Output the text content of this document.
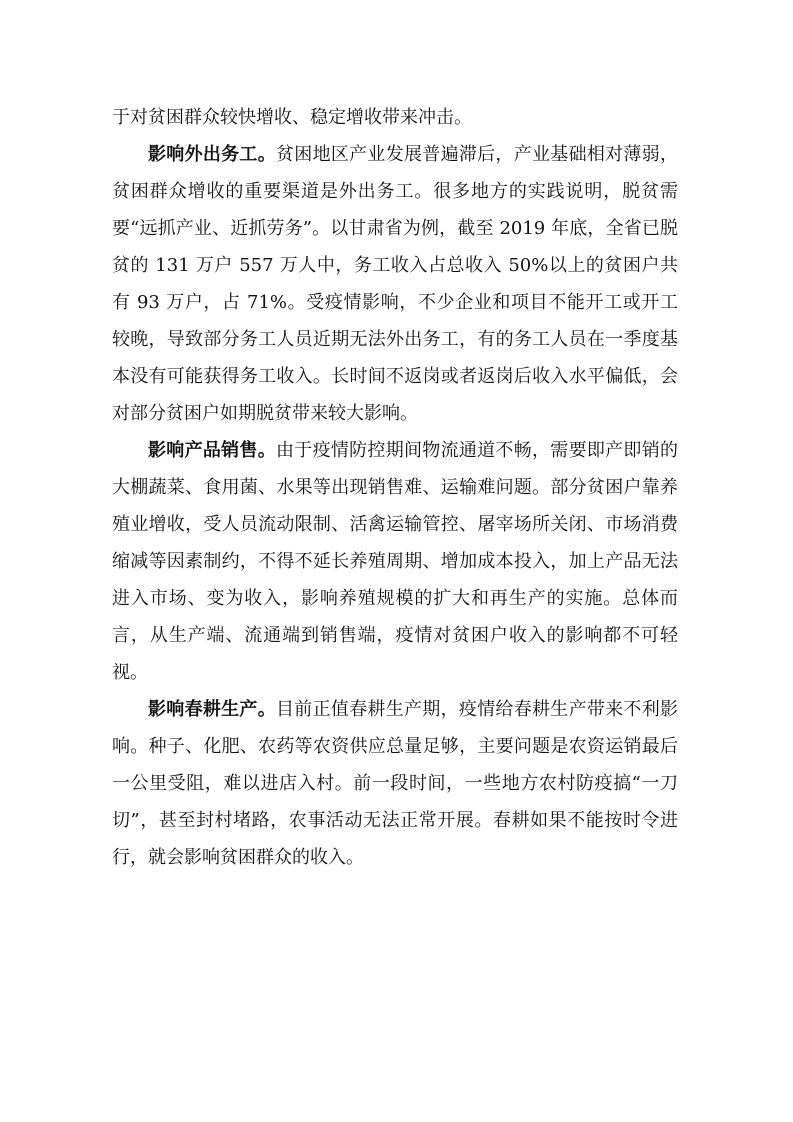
于对贫困群众较快增收、稳定增收带来冲击。

影响外出务工。贫困地区产业发展普遍滞后，产业基础相对薄弱，贫困群众增收的重要渠道是外出务工。很多地方的实践说明，脱贫需要“远抓产业、近抓劳务”。以甘肃省为例，截至 2019 年底，全省已脱贫的 131 万户 557 万人中，务工收入占总收入 50%以上的贫困户共有 93 万户，占 71%。受疫情影响，不少企业和项目不能开工或开工较晚，导致部分务工人员近期无法外出务工，有的务工人员在一季度基本没有可能获得务工收入。长时间不返岗或者返岗后收入水平偏低，会对部分贫困户如期脱贫带来较大影响。

影响产品销售。由于疫情防控期间物流通道不畅，需要即产即销的大棚蔬菜、食用菌、水果等出现销售难、运输难问题。部分贫困户靠养殖业增收，受人员流动限制、活禽运输管控、屠宰场所关闭、市场消费缩减等因素制约，不得不延长养殖周期、增加成本投入，加上产品无法进入市场、变为收入，影响养殖规模的扩大和再生产的实施。总体而言，从生产端、流通端到销售端，疫情对贫困户收入的影响都不可轻视。

影响春耕生产。目前正值春耕生产期，疫情给春耕生产带来不利影响。种子、化肥、农药等农资供应总量足够，主要问题是农资运销最后一公里受阻，难以进店入村。前一段时间，一些地方农村防疫搞“一刀切”，甚至封村堵路，农事活动无法正常开展。春耕如果不能按时令进行，就会影响贫困群众的收入。
